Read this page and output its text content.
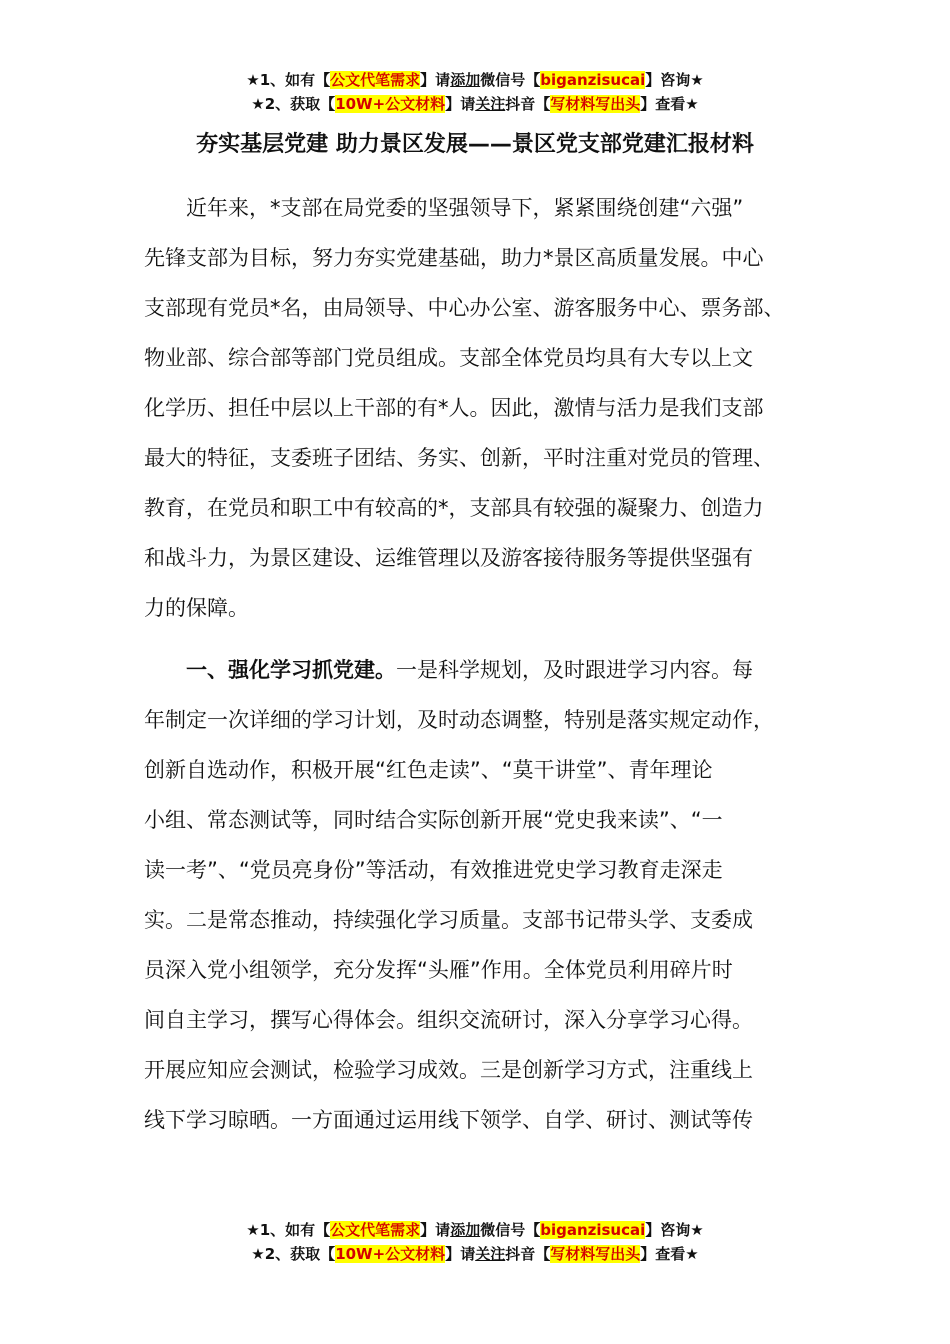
★1、如有【公文代笔需求】请添加微信号【biganzisucai】咨询★
★2、获取【10W+公文材料】请关注抖音【写材料写出头】查看★
夯实基层党建 助力景区发展——景区党支部党建汇报材料
近年来，*支部在局党委的坚强领导下，紧紧围绕创建“六强”
先锋支部为目标，努力夯实党建基础，助力*景区高质量发展。中心
支部现有党员*名，由局领导、中心办公室、游客服务中心、票务部、
物业部、综合部等部门党员组成。支部全体党员均具有大专以上文
化学历、担任中层以上干部的有*人。因此，激情与活力是我们支部
最大的特征，支委班子团结、务实、创新，平时注重对党员的管理、
教育，在党员和职工中有较高的*，支部具有较强的凝聚力、创造力
和战斗力，为景区建设、运维管理以及游客接待服务等提供坚强有
力的保障。
一、强化学习抓党建。一是科学规划，及时跟进学习内容。每
年制定一次详细的学习计划，及时动态调整，特别是落实规定动作，
创新自选动作，积极开展“红色走读”、“莫干讲堂”、青年理论
小组、常态测试等，同时结合实际创新开展“党史我来读”、“一
读一考”、“党员亮身份”等活动，有效推进党史学习教育走深走
实。二是常态推动，持续强化学习质量。支部书记带头学、支委成
员深入党小组领学，充分发挥“头雁”作用。全体党员利用碎片时
间自主学习，撰写心得体会。组织交流研讨，深入分享学习心得。
开展应知应会测试，检验学习成效。三是创新学习方式，注重线上
线下学习晾晒。一方面通过运用线下领学、自学、研讨、测试等传
★1、如有【公文代笔需求】请添加微信号【biganzisucai】咨询★
★2、获取【10W+公文材料】请关注抖音【写材料写出头】查看★
